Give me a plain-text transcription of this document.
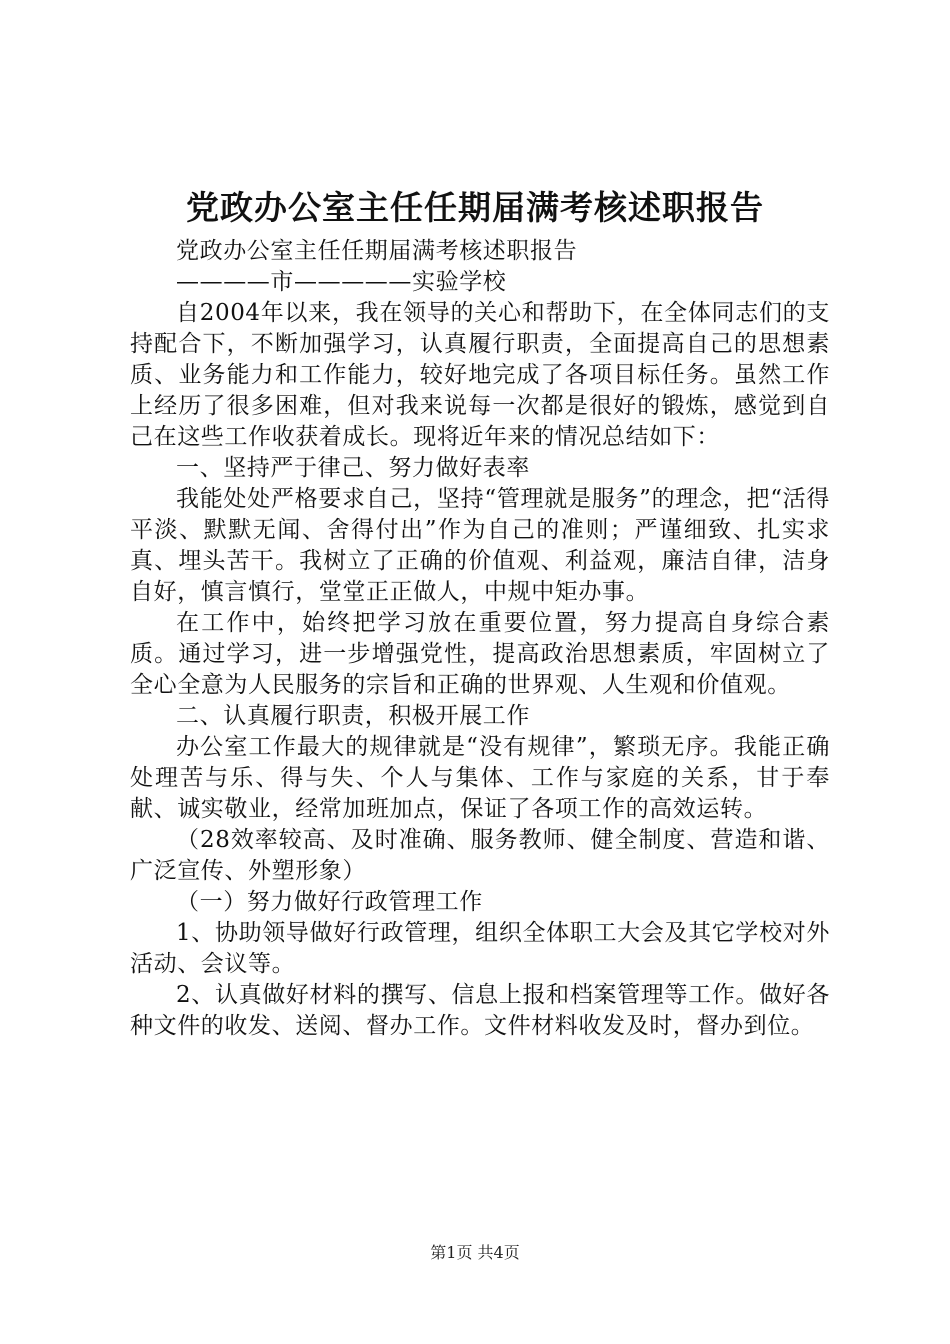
党政办公室主任任期届满考核述职报告

党政办公室主任任期届满考核述职报告

————市—————实验学校

自2004年以来，我在领导的关心和帮助下，在全体同志们的支持配合下，不断加强学习，认真履行职责，全面提高自己的思想素质、业务能力和工作能力，较好地完成了各项目标任务。虽然工作上经历了很多困难，但对我来说每一次都是很好的锻炼，感觉到自己在这些工作收获着成长。现将近年来的情况总结如下：

一、坚持严于律己、努力做好表率

我能处处严格要求自己，坚持“管理就是服务”的理念，把“活得平淡、默默无闻、舍得付出”作为自己的准则；严谨细致、扎实求真、埋头苦干。我树立了正确的价值观、利益观，廉洁自律，洁身自好，慎言慎行，堂堂正正做人，中规中矩办事。

在工作中，始终把学习放在重要位置，努力提高自身综合素质。通过学习，进一步增强党性，提高政治思想素质，牢固树立了全心全意为人民服务的宗旨和正确的世界观、人生观和价值观。

二、认真履行职责，积极开展工作

办公室工作最大的规律就是“没有规律”，繁琐无序。我能正确处理苦与乐、得与失、个人与集体、工作与家庭的关系，甘于奉献、诚实敬业，经常加班加点，保证了各项工作的高效运转。

（28效率较高、及时准确、服务教师、健全制度、营造和谐、广泛宣传、外塑形象）

（一）努力做好行政管理工作

1、协助领导做好行政管理，组织全体职工大会及其它学校对外活动、会议等。

2、认真做好材料的撰写、信息上报和档案管理等工作。做好各种文件的收发、送阅、督办工作。文件材料收发及时，督办到位。

第1页 共4页
